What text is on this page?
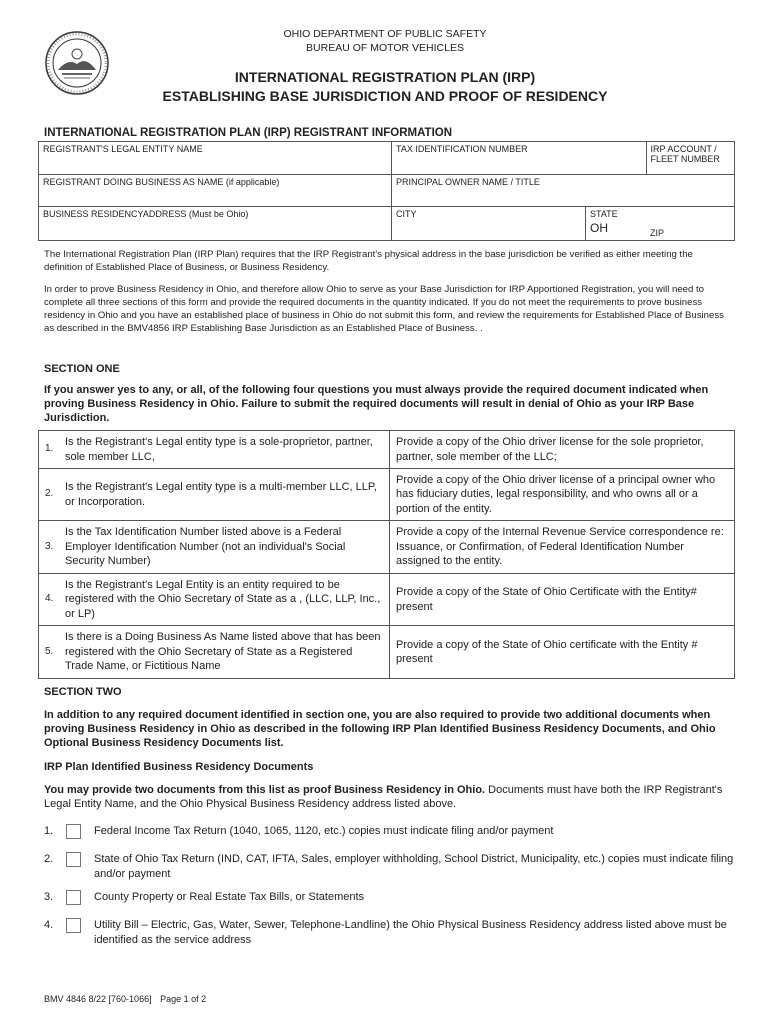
OHIO DEPARTMENT OF PUBLIC SAFETY
BUREAU OF MOTOR VEHICLES
INTERNATIONAL REGISTRATION PLAN (IRP)
ESTABLISHING BASE JURISDICTION AND PROOF OF RESIDENCY
INTERNATIONAL REGISTRATION PLAN (IRP) REGISTRANT INFORMATION
REGISTRANT'S LEGAL ENTITY NAME	TAX IDENTIFICATION NUMBER		IRP ACCOUNT / FLEET NUMBER
REGISTRANT DOING BUSINESS AS NAME (if applicable)	PRINCIPAL OWNER NAME / TITLE		
BUSINESS RESIDENCYADDRESS (Must be Ohio)	CITY	STATE
OH	ZIP
The International Registration Plan (IRP Plan) requires that the IRP Registrant's physical address in the base jurisdiction be verified as either meeting the definition of Established Place of Business, or Business Residency.
In order to prove Business Residency in Ohio, and therefore allow Ohio to serve as your Base Jurisdiction for IRP Apportioned Registration, you will need to complete all three sections of this form and provide the required documents in the quantity indicated. If you do not meet the requirements to prove business residency in Ohio and you have an established place of business in Ohio do not submit this form, and review the requirements for Established Place of Business as described in the BMV4856 IRP Establishing Base Jurisdiction as an Established Place of Business. .
SECTION ONE
If you answer yes to any, or all, of the following four questions you must always provide the required document indicated when proving Business Residency in Ohio. Failure to submit the required documents will result in denial of Ohio as your IRP Base Jurisdiction.
1.	Is the Registrant's Legal entity type is a sole-proprietor, partner, sole member LLC,	Provide a copy of the Ohio driver license for the sole proprietor, partner, sole member of the LLC;
2.	Is the Registrant's Legal entity type is a multi-member LLC, LLP, or Incorporation.	Provide a copy of the Ohio driver license of a principal owner who has fiduciary duties, legal responsibility, and who owns all or a portion of the entity.
3.	Is the Tax Identification Number listed above is a Federal Employer Identification Number (not an individual's Social Security Number)	Provide a copy of the Internal Revenue Service correspondence re: Issuance, or Confirmation, of Federal Identification Number assigned to the entity.
4.	Is the Registrant's Legal Entity is an entity required to be registered with the Ohio Secretary of State as a , (LLC, LLP, Inc., or LP)	Provide a copy of the State of Ohio Certificate with the Entity# present
5.	Is there is a Doing Business As Name listed above that has been registered with the Ohio Secretary of State as a Registered Trade Name, or Fictitious Name	Provide a copy of the State of Ohio certificate with the Entity # present
SECTION TWO
In addition to any required document identified in section one, you are also required to provide two additional documents when proving Business Residency in Ohio as described in the following IRP Plan Identified Business Residency Documents, and Ohio Optional Business Residency Documents list.
IRP Plan Identified Business Residency Documents
You may provide two documents from this list as proof Business Residency in Ohio. Documents must have both the IRP Registrant's Legal Entity Name, and the Ohio Physical Business Residency address listed above.
1.	Federal Income Tax Return (1040, 1065, 1120, etc.) copies must indicate filing and/or payment
2.	State of Ohio Tax Return (IND, CAT, IFTA, Sales, employer withholding, School District, Municipality, etc.) copies must indicate filing and/or payment
3.	County Property or Real Estate Tax Bills, or Statements
4.	Utility Bill – Electric, Gas, Water, Sewer, Telephone-Landline) the Ohio Physical Business Residency address listed above must be identified as the service address
BMV 4846 8/22 [760-1066] Page 1 of 2
